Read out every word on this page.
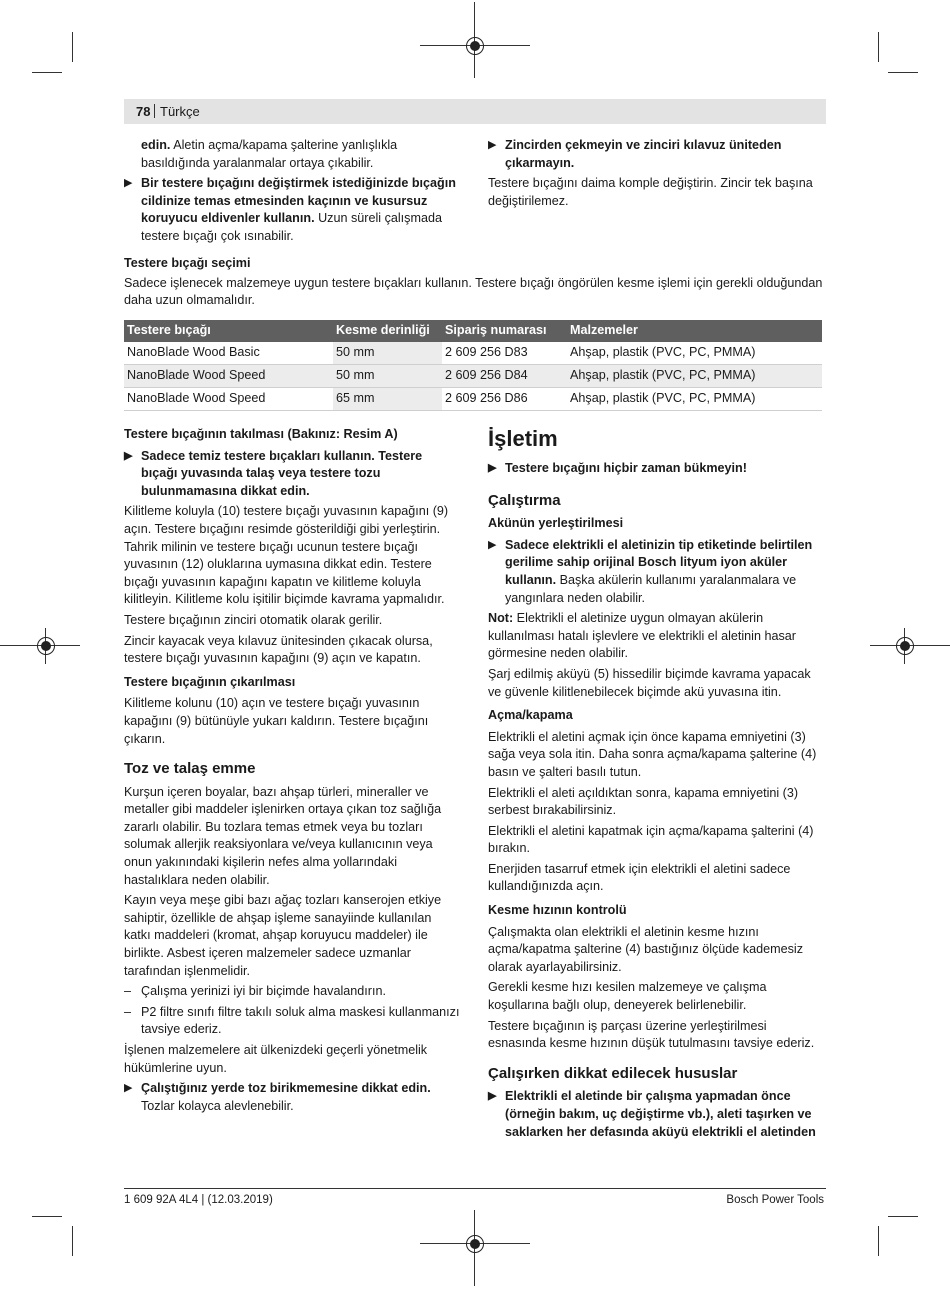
78 Türkçe

edin. Aletin açma/kapama şalterine yanlışlıkla basıldığında yaralanmalar ortaya çıkabilir.

▶ Bir testere bıçağını değiştirmek istediğinizde bıçağın cildinize temas etmesinden kaçının ve kusursuz koruyucu eldivenler kullanın. Uzun süreli çalışmada testere bıçağı çok ısınabilir.
▶ Zincirden çekmeyin ve zinciri kılavuz üniteden çıkarmayın.

Testere bıçağını daima komple değiştirin. Zincir tek başına değiştirilemez.

Testere bıçağı seçimi

Sadece işlenecek malzemeye uygun testere bıçakları kullanın. Testere bıçağı öngörülen kesme işlemi için gerekli olduğundan daha uzun olmamalıdır.

Testere bıçağı	Kesme derinliği	Sipariş numarası	Malzemeler
NanoBlade Wood Basic	50 mm	2 609 256 D83	Ahşap, plastik (PVC, PC, PMMA)
NanoBlade Wood Speed	50 mm	2 609 256 D84	Ahşap, plastik (PVC, PC, PMMA)
NanoBlade Wood Speed	65 mm	2 609 256 D86	Ahşap, plastik (PVC, PC, PMMA)
Testere bıçağının takılması (Bakınız: Resim A)
▶ Sadece temiz testere bıçakları kullanın. Testere bıçağı yuvasında talaş veya testere tozu bulunmamasına dikkat edin.

Kilitleme koluyla (10) testere bıçağı yuvasının kapağını (9) açın. Testere bıçağını resimde gösterildiği gibi yerleştirin. Tahrik milinin ve testere bıçağı ucunun testere bıçağı yuvasının (12) oluklarına uymasına dikkat edin. Testere bıçağı yuvasının kapağını kapatın ve kilitleme koluyla kilitleyin. Kilitleme kolu işitilir biçimde kavrama yapmalıdır.

Testere bıçağının zinciri otomatik olarak gerilir.

Zincir kayacak veya kılavuz ünitesinden çıkacak olursa, testere bıçağı yuvasının kapağını (9) açın ve kapatın.

Testere bıçağının çıkarılması

Kilitleme kolunu (10) açın ve testere bıçağı yuvasının kapağını (9) bütünüyle yukarı kaldırın. Testere bıçağını çıkarın.

Toz ve talaş emme

Kurşun içeren boyalar, bazı ahşap türleri, mineraller ve metaller gibi maddeler işlenirken ortaya çıkan toz sağlığa zararlı olabilir. Bu tozlara temas etmek veya bu tozları solumak allerjik reaksiyonlara ve/veya kullanıcının veya onun yakınındaki kişilerin nefes alma yollarındaki hastalıklara neden olabilir.

Kayın veya meşe gibi bazı ağaç tozları kanserojen etkiye sahiptir, özellikle de ahşap işleme sanayiinde kullanılan katkı maddeleri (kromat, ahşap koruyucu maddeler) ile birlikte. Asbest içeren malzemeler sadece uzmanlar tarafından işlenmelidir.

– Çalışma yerinizi iyi bir biçimde havalandırın.
– P2 filtre sınıfı filtre takılı soluk alma maskesi kullanmanızı tavsiye ederiz.

İşlenen malzemelere ait ülkenizdeki geçerli yönetmelik hükümlerine uyun.

▶ Çalıştığınız yerde toz birikmemesine dikkat edin. Tozlar kolayca alevlenebilir.
İşletim
▶ Testere bıçağını hiçbir zaman bükmeyin!
Çalıştırma
Akünün yerleştirilmesi
▶ Sadece elektrikli el aletinizin tip etiketinde belirtilen gerilime sahip orijinal Bosch lityum iyon aküler kullanın. Başka akülerin kullanımı yaralanmalara ve yangınlara neden olabilir.

Not: Elektrikli el aletinize uygun olmayan akülerin kullanılması hatalı işlevlere ve elektrikli el aletinin hasar görmesine neden olabilir.

Şarj edilmiş aküyü (5) hissedilir biçimde kavrama yapacak ve güvenle kilitlenebilecek biçimde akü yuvasına itin.

Açma/kapama

Elektrikli el aletini açmak için önce kapama emniyetini (3) sağa veya sola itin. Daha sonra açma/kapama şalterine (4) basın ve şalteri basılı tutun.

Elektrikli el aleti açıldıktan sonra, kapama emniyetini (3) serbest bırakabilirsiniz.

Elektrikli el aletini kapatmak için açma/kapama şalterini (4) bırakın.

Enerjiden tasarruf etmek için elektrikli el aletini sadece kullandığınızda açın.

Kesme hızının kontrolü

Çalışmakta olan elektrikli el aletinin kesme hızını açma/kapatma şalterine (4) bastığınız ölçüde kademesiz olarak ayarlayabilirsiniz.

Gerekli kesme hızı kesilen malzemeye ve çalışma koşullarına bağlı olup, deneyerek belirlenebilir.

Testere bıçağının iş parçası üzerine yerleştirilmesi esnasında kesme hızının düşük tutulmasını tavsiye ederiz.

Çalışırken dikkat edilecek hususlar
▶ Elektrikli el aletinde bir çalışma yapmadan önce (örneğin bakım, uç değiştirme vb.), aleti taşırken ve saklarken her defasında aküyü elektrikli el aletinden
1 609 92A 4L4 | (12.03.2019)	Bosch Power Tools
